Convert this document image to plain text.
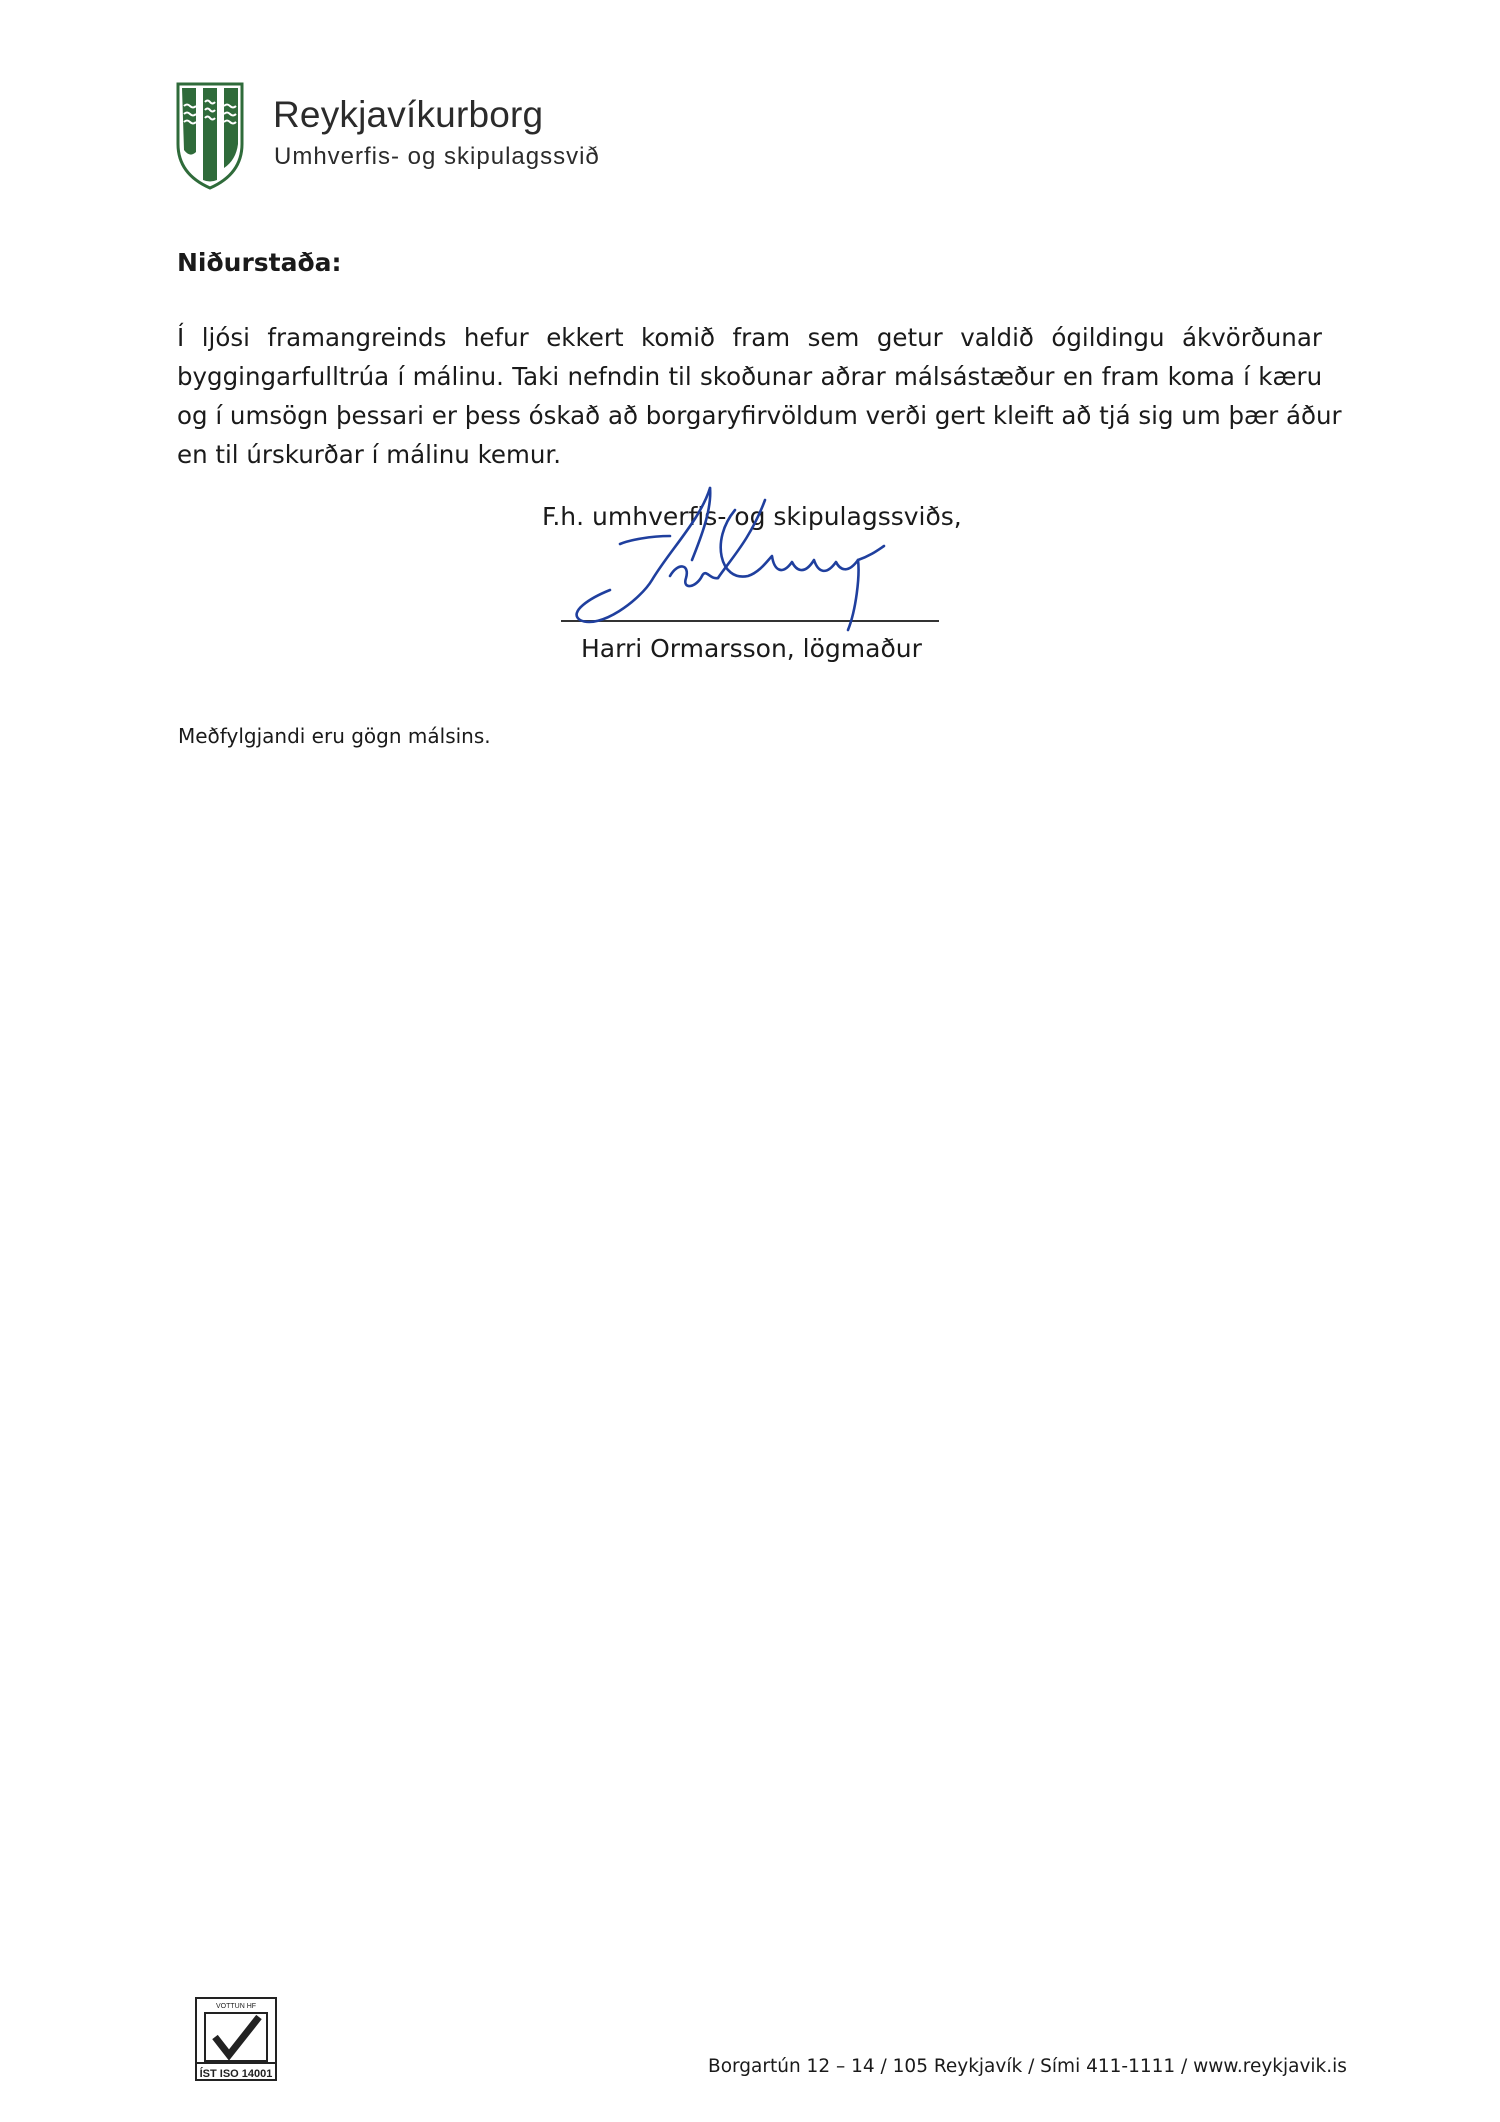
Reykjavíkurborg
Umhverfis- og skipulagssvið
Niðurstaða:
Í ljósi framangreinds hefur ekkert komið fram sem getur valdið ógildingu ákvörðunar
byggingarfulltrúa í málinu. Taki nefndin til skoðunar aðrar málsástæður en fram koma í kæru
og í umsögn þessari er þess óskað að borgaryfirvöldum verði gert kleift að tjá sig um þær áður
en til úrskurðar í málinu kemur.
F.h. umhverfis- og skipulagssviðs,
Harri Ormarsson, lögmaður
Meðfylgjandi eru gögn málsins.
VOTTUN HF
ÍST ISO 14001	Borgartún 12 – 14 / 105 Reykjavík / Sími 411-1111 / www.reykjavik.is
